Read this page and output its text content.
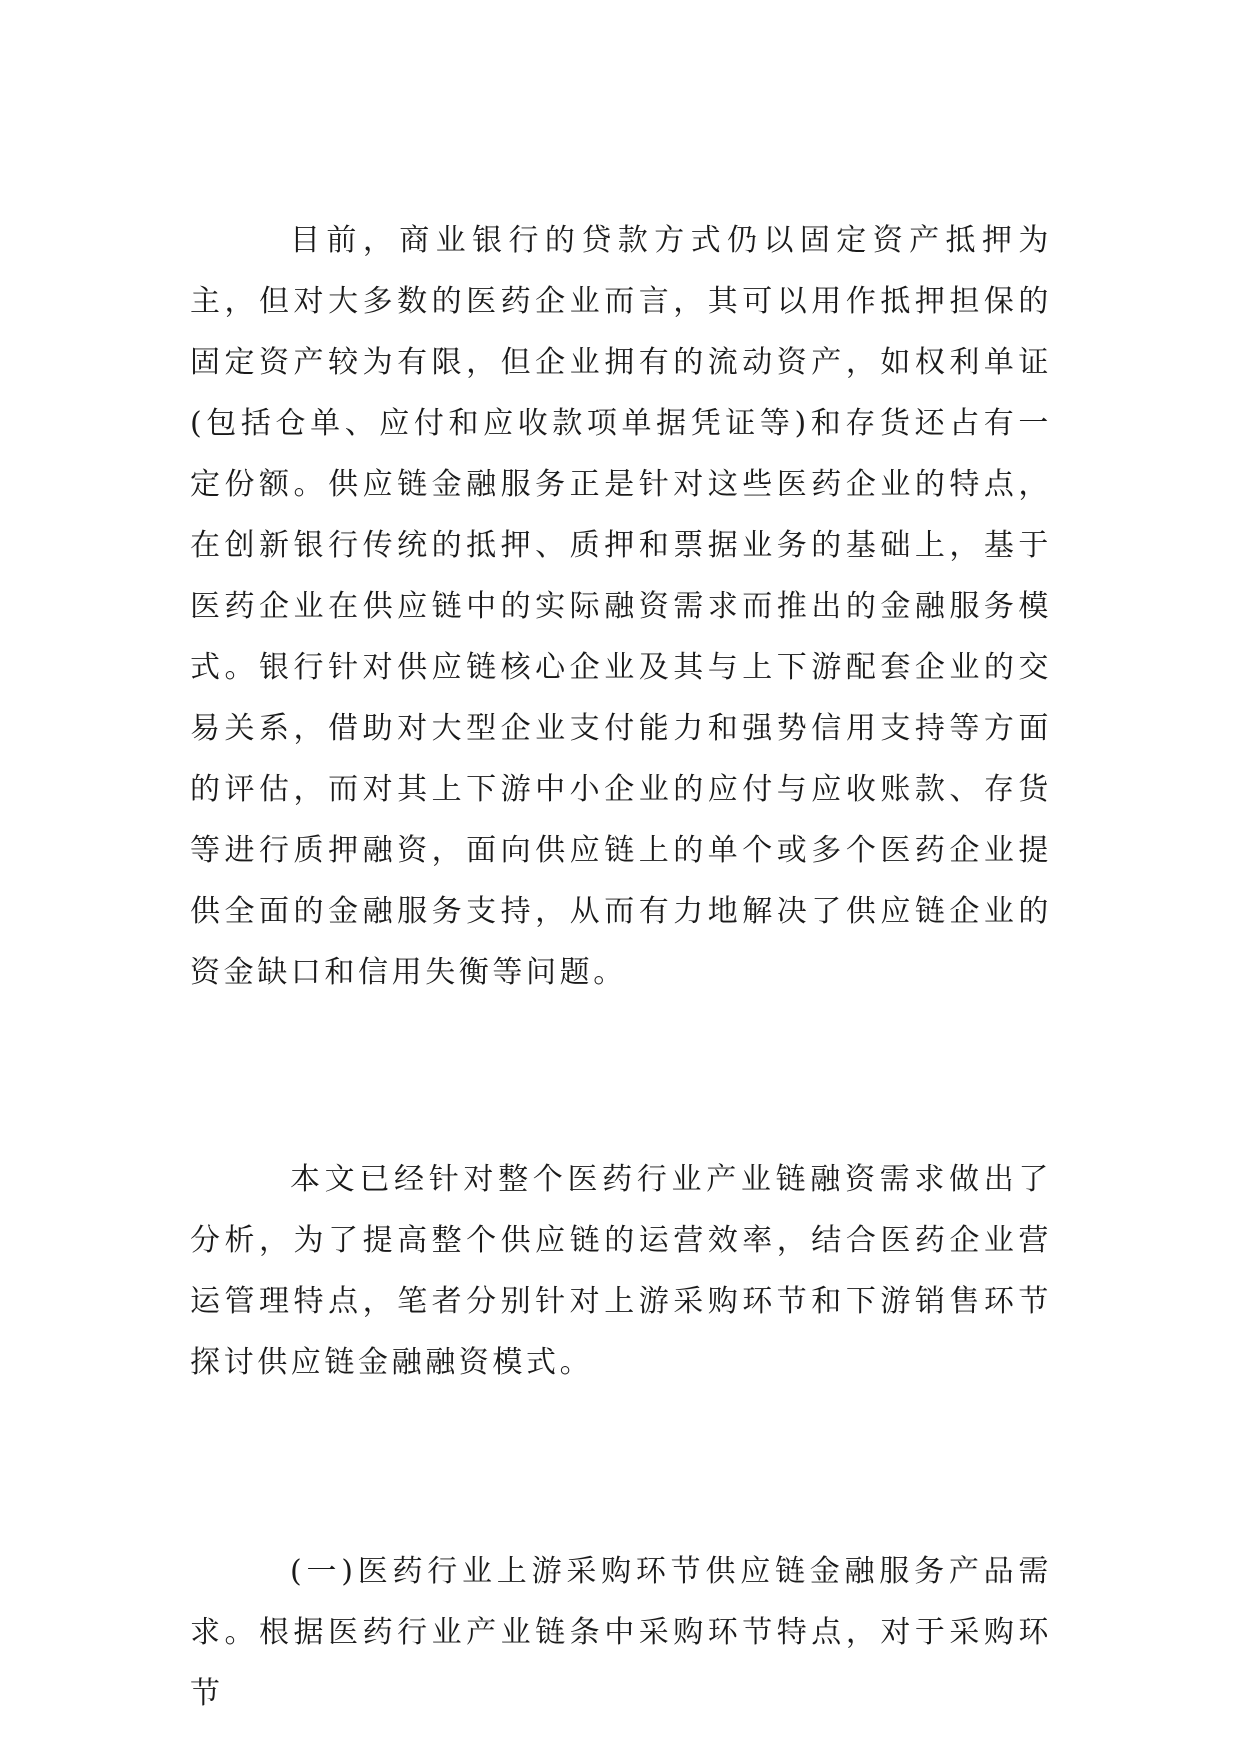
目前，商业银行的贷款方式仍以固定资产抵押为主，但对大多数的医药企业而言，其可以用作抵押担保的固定资产较为有限，但企业拥有的流动资产，如权利单证(包括仓单、应付和应收款项单据凭证等)和存货还占有一定份额。供应链金融服务正是针对这些医药企业的特点，在创新银行传统的抵押、质押和票据业务的基础上，基于医药企业在供应链中的实际融资需求而推出的金融服务模式。银行针对供应链核心企业及其与上下游配套企业的交易关系，借助对大型企业支付能力和强势信用支持等方面的评估，而对其上下游中小企业的应付与应收账款、存货等进行质押融资，面向供应链上的单个或多个医药企业提供全面的金融服务支持，从而有力地解决了供应链企业的资金缺口和信用失衡等问题。

本文已经针对整个医药行业产业链融资需求做出了分析，为了提高整个供应链的运营效率，结合医药企业营运管理特点，笔者分别针对上游采购环节和下游销售环节探讨供应链金融融资模式。

(一)医药行业上游采购环节供应链金融服务产品需求。根据医药行业产业链条中采购环节特点，对于采购环节
